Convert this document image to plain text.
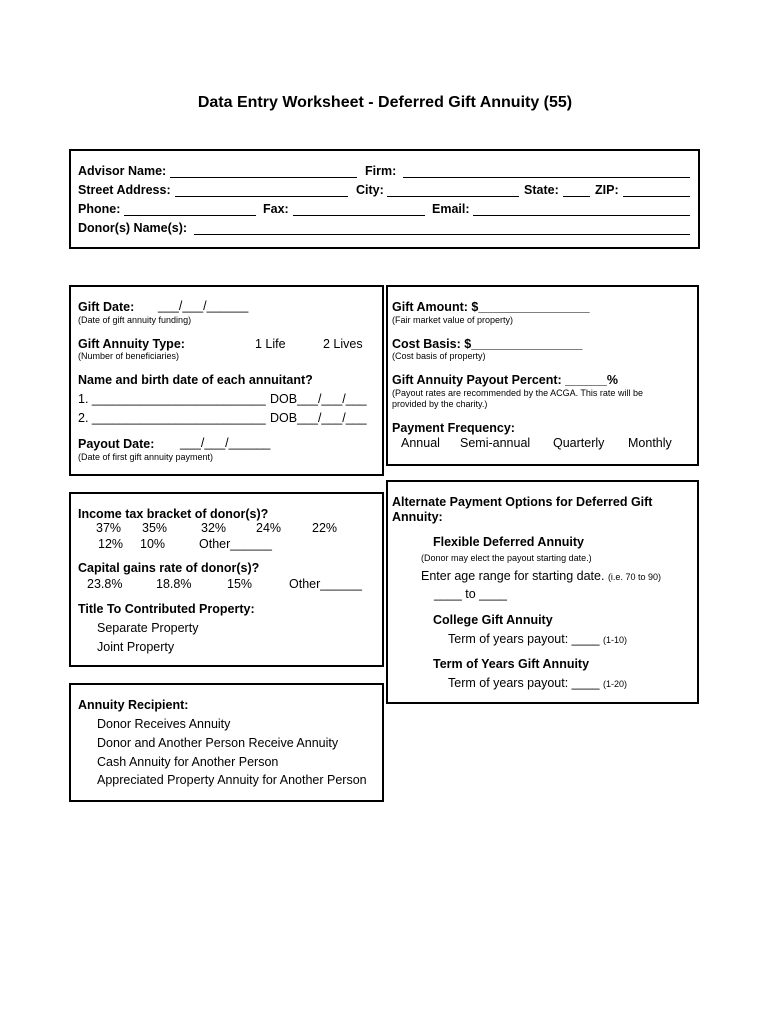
Data Entry Worksheet - Deferred Gift Annuity (55)
Advisor Name:	Firm:
Street Address:	City:	State:	ZIP:
Phone:	Fax:	Email:
Donor(s) Name(s):
Gift Date: ___/___/______
(Date of gift annuity funding)
Gift Annuity Type:	1 Life	2 Lives
(Number of beneficiaries)
Name and birth date of each annuitant?
1. _________________________ DOB___/___/___
2. _________________________ DOB___/___/___
Payout Date: ___/___/______
(Date of first gift annuity payment)
Gift Amount: $________________
(Fair market value of property)
Cost Basis: $________________
(Cost basis of property)
Gift Annuity Payout Percent: ______%
(Payout rates are recommended by the ACGA. This rate will be
provided by the charity.)
Payment Frequency:
Annual Semi-annual Quarterly Monthly
Income tax bracket of donor(s)?
37% 35%	32% 24% 22%
12% 10%	Other______
Capital gains rate of donor(s)?
23.8%	18.8%	15%	Other______
Title To Contributed Property:
Separate Property
Joint Property
Alternate Payment Options for Deferred Gift
Annuity:
Flexible Deferred Annuity
(Donor may elect the payout starting date.)
Enter age range for starting date. (i.e. 70 to 90)
____ to ____
College Gift Annuity
Term of years payout: ____ (1-10)
Term of Years Gift Annuity
Term of years payout: ____ (1-20)
Annuity Recipient:
Donor Receives Annuity
Donor and Another Person Receive Annuity
Cash Annuity for Another Person
Appreciated Property Annuity for Another Person
